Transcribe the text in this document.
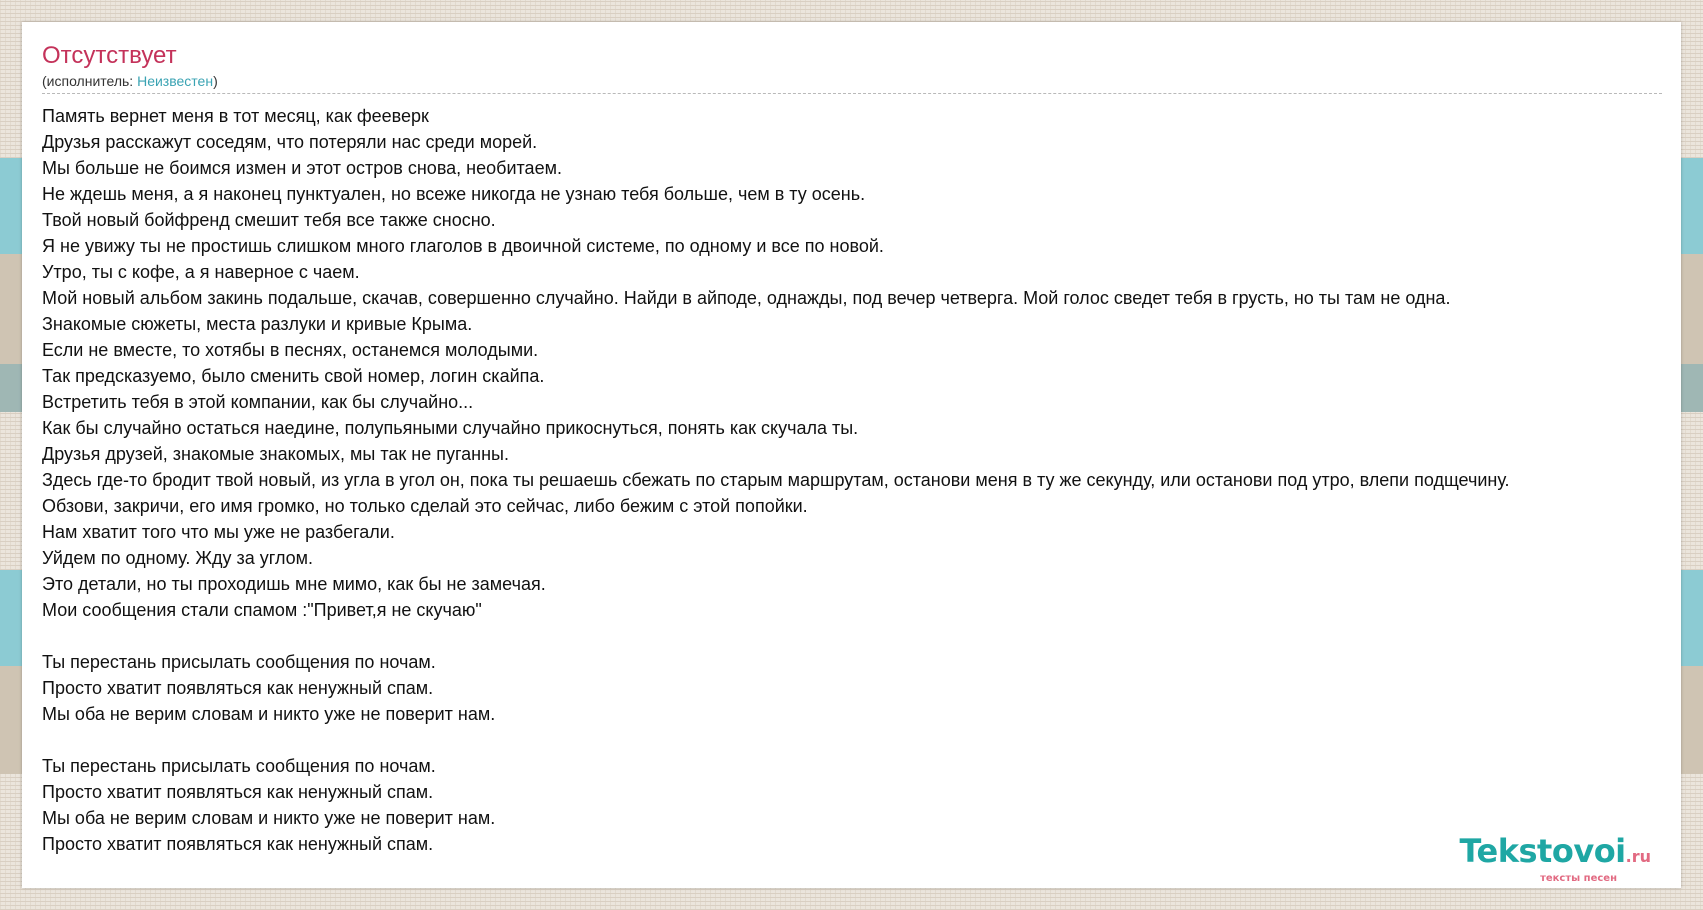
Отсутствует
(исполнитель: Неизвестен)
Память вернет меня в тот месяц, как фееверк
Друзья расскажут соседям, что потеряли нас среди морей.
Мы больше не боимся измен и этот остров снова, необитаем.
Не ждешь меня, а я наконец пунктуален, но всеже никогда не узнаю тебя больше, чем в ту осень.
Твой новый бойфренд смешит тебя все также сносно.
Я не увижу ты не простишь слишком много глаголов в двоичной системе, по одному и все по новой.
Утро, ты с кофе, а я наверное с чаем.
Мой новый альбом закинь подальше, скачав, совершенно случайно. Найди в айподе, однажды, под вечер четверга. Мой голос сведет тебя в грусть, но ты там не одна.
Знакомые сюжеты, места разлуки и кривые Крыма.
Если не вместе, то хотябы в песнях, останемся молодыми.
Так предсказуемо, было сменить свой номер, логин скайпа.
Встретить тебя в этой компании, как бы случайно...
Как бы случайно остаться наедине, полупьяными случайно прикоснуться, понять как скучала ты.
Друзья друзей, знакомые знакомых, мы так не пуганны.
Здесь где-то бродит твой новый, из угла в угол он, пока ты решаешь сбежать по старым маршрутам, останови меня в ту же секунду, или останови под утро, влепи подщечину.
Обзови, закричи, его имя громко, но только сделай это сейчас, либо бежим с этой попойки.
Нам хватит того что мы уже не разбегали.
Уйдем по одному. Жду за углом.
Это детали, но ты проходишь мне мимо, как бы не замечая.
Мои сообщения стали спамом :"Привет,я не скучаю"
Ты перестань присылать сообщения по ночам.
Просто хватит появляться как ненужный спам.
Мы оба не верим словам и никто уже не поверит нам.
Ты перестань присылать сообщения по ночам.
Просто хватит появляться как ненужный спам.
Мы оба не верим словам и никто уже не поверит нам.
Просто хватит появляться как ненужный спам.	Tekstovoi.ru
тексты песен
